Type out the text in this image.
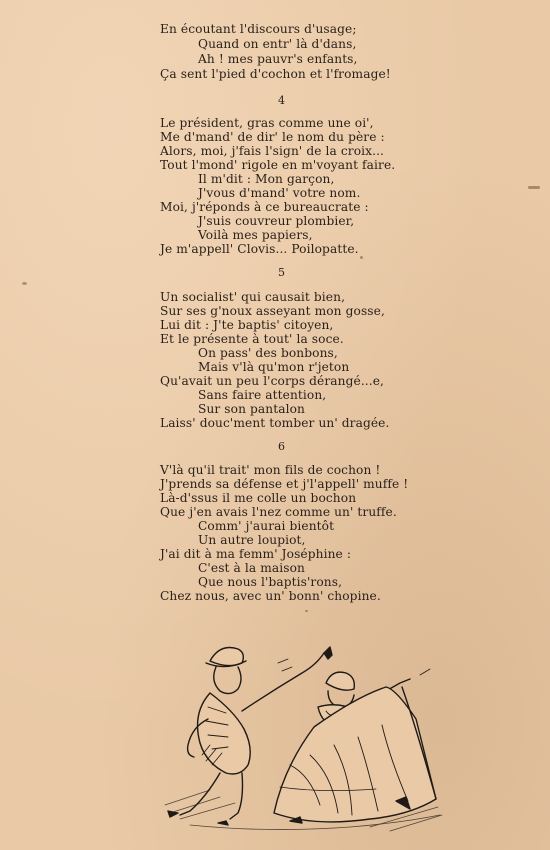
En écoutant l'discours d'usage;
Quand on entr' là d'dans,
Ah ! mes pauvr's enfants,
Ça sent l'pied d'cochon et l'fromage!
4
Le président, gras comme une oi',
Me d'mand' de dir' le nom du père :
Alors, moi, j'fais l'sign' de la croix...
Tout l'mond' rigole en m'voyant faire.
Il m'dit : Mon garçon,
J'vous d'mand' votre nom.
Moi, j'réponds à ce bureaucrate :
J'suis couvreur plombier,
Voilà mes papiers,
Je m'appell' Clovis... Poilopatte.
5
Un socialist' qui causait bien,
Sur ses g'noux asseyant mon gosse,
Lui dit : J'te baptis' citoyen,
Et le présente à tout' la soce.
On pass' des bonbons,
Mais v'là qu'mon r'jeton
Qu'avait un peu l'corps dérangé...e,
Sans faire attention,
Sur son pantalon
Laiss' douc'ment tomber un' dragée.
6
V'là qu'il trait' mon fils de cochon !
J'prends sa défense et j'l'appell' muffe !
Là-d'ssus il me colle un bochon
Que j'en avais l'nez comme un' truffe.
Comm' j'aurai bientôt
Un autre loupiot,
J'ai dit à ma femm' Joséphine :
C'est à la maison
Que nous l'baptis'rons,
Chez nous, avec un' bonn' chopine.
